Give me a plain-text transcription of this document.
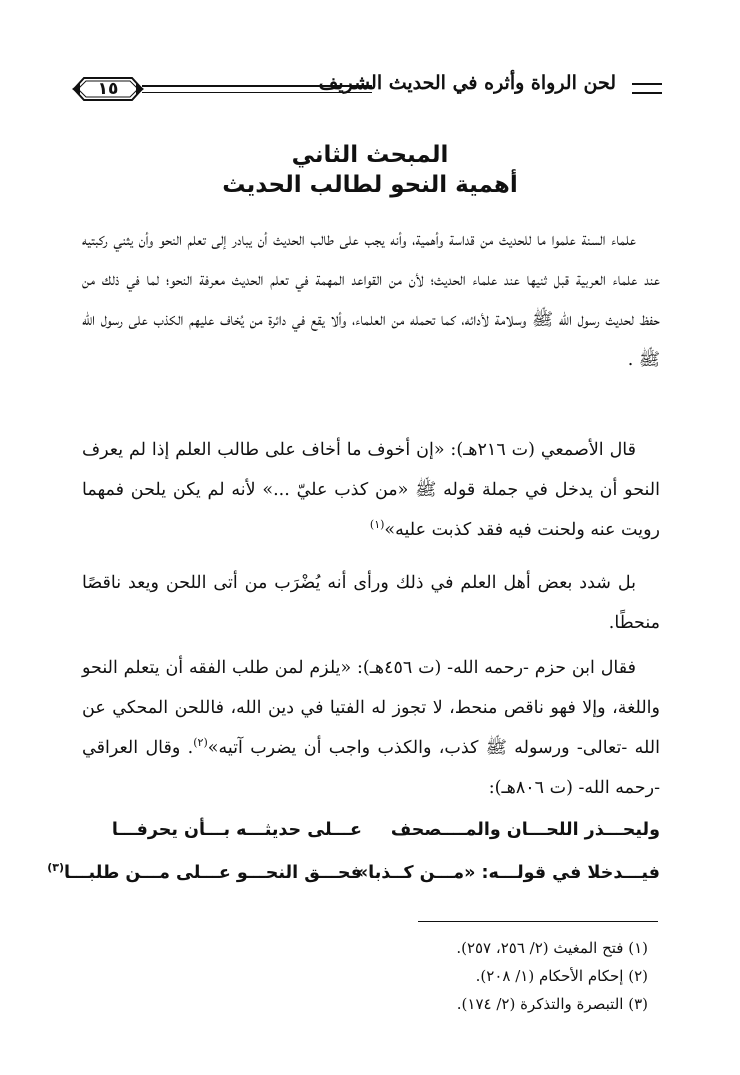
لحن الرواة وأثره في الحديث الشريف
١٥
المبحث الثاني
أهمية النحو لطالب الحديث
علماء السنة علموا ما للحديث من قداسة وأهمية، وأنه يجب على طالب الحديث أن يبادر إلى تعلم النحو وأن يثني ركبتيه عند علماء العربية قبل ثنيها عند علماء الحديث؛ لأن من القواعد المهمة في تعلم الحديث معرفة النحو؛ لما في ذلك من حفظ لحديث رسول الله ﷺ وسلامة لأدائه، كما تحمله من العلماء، وألا يقع في دائرة من يُخاف عليهم الكذب على رسول الله ﷺ .
قال الأصمعي (ت ٢١٦هـ): «إن أخوف ما أخاف على طالب العلم إذا لم يعرف النحو أن يدخل في جملة قوله ﷺ «من كذب عليّ ...» لأنه لم يكن يلحن فمهما رويت عنه ولحنت فيه فقد كذبت عليه»$^{(١)}$
بل شدد بعض أهل العلم في ذلك ورأى أنه يُضْرَب من أتى اللحن ويعد ناقصًا منحطًا.
فقال ابن حزم -رحمه الله- (ت ٤٥٦هـ): «يلزم لمن طلب الفقه أن يتعلم النحو واللغة، وإلا فهو ناقص منحط، لا تجوز له الفتيا في دين الله، فاللحن المحكي عن الله -تعالى- ورسوله ﷺ كذب، والكذب واجب أن يضرب آتيه»$^{(٢)}$. وقال العراقي -رحمه الله- (ت ٨٠٦هـ):
وليحـــذر اللحـــان والمــــصحف
عـــلى حديثـــه بـــأن يحرفـــا
فيـــدخلا في قولـــه: «مـــن كــذبا»
فحـــق النحـــو عـــلى مـــن طلبـــا$^{(٣)}$
(١) فتح المغيث (٢/ ٢٥٦، ٢٥٧).
(٢) إحكام الأحكام (١/ ٢٠٨).
(٣) التبصرة والتذكرة (٢/ ١٧٤).
